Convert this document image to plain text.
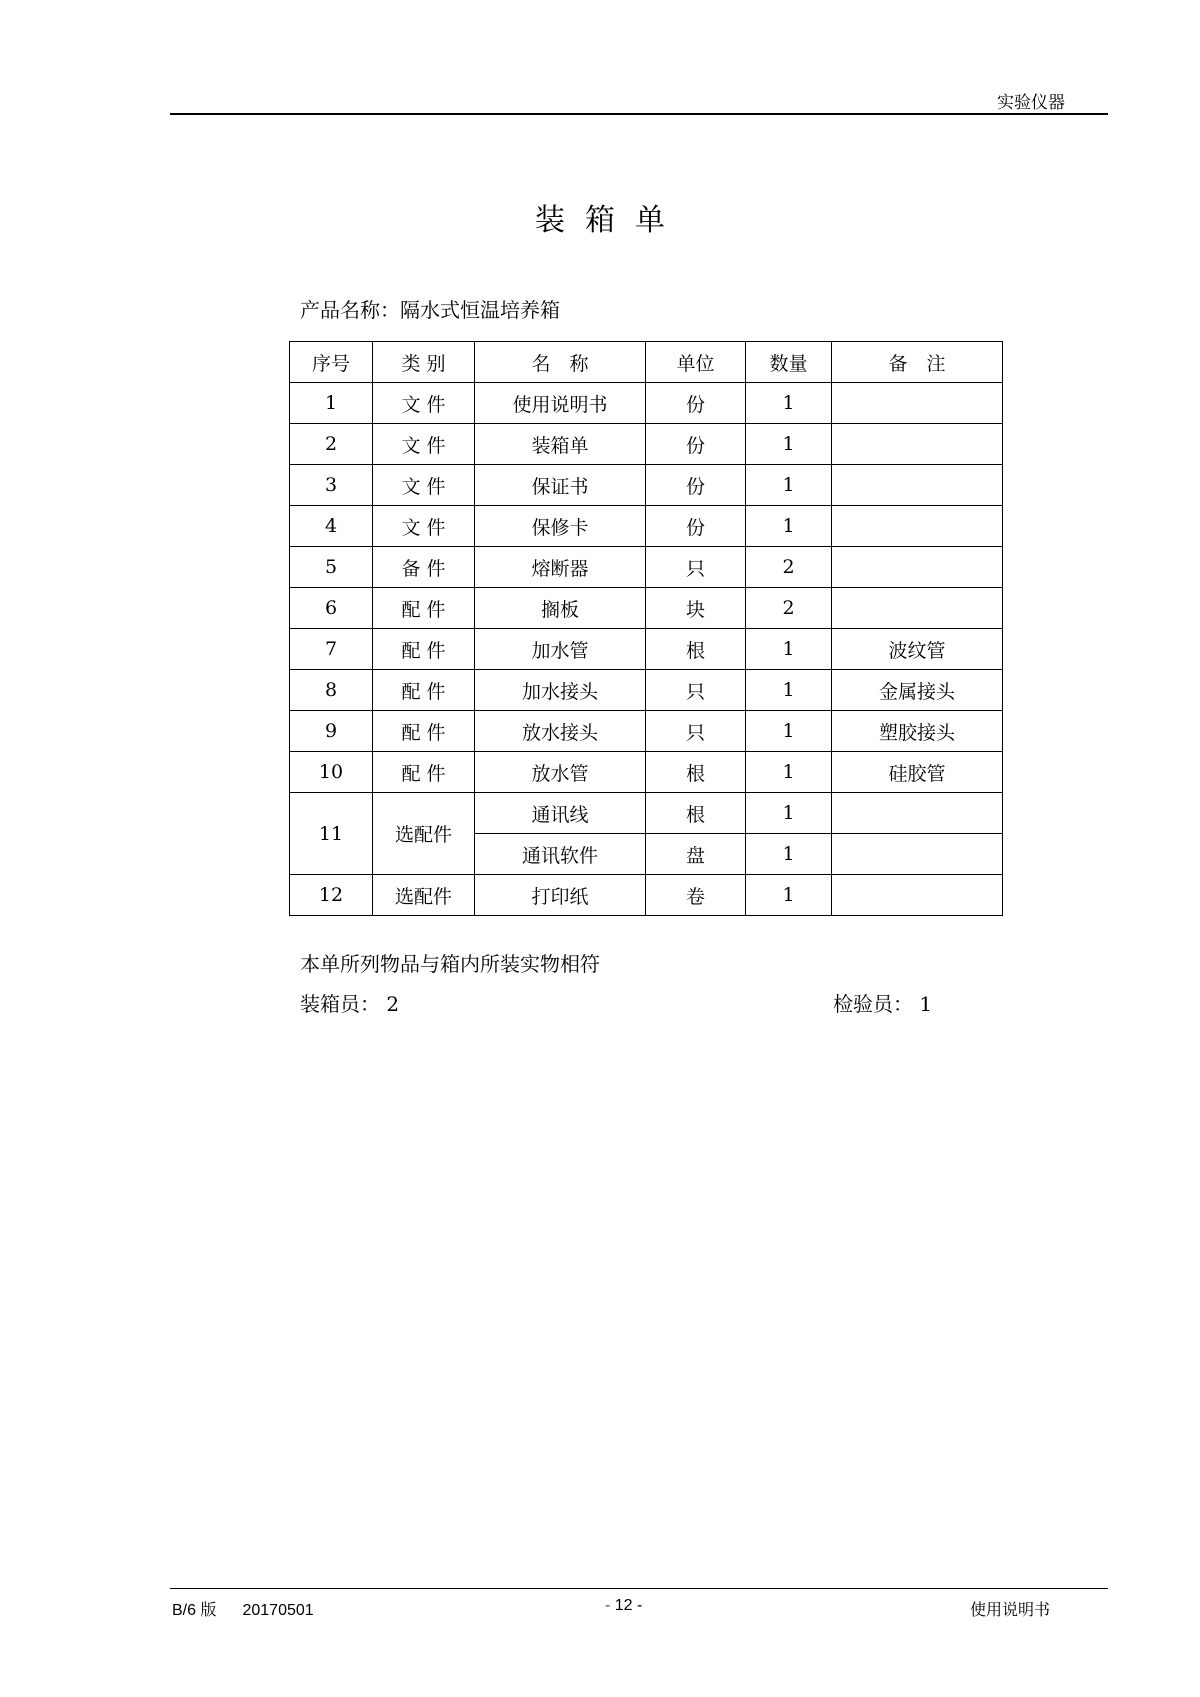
实验仪器
装箱单
产品名称：隔水式恒温培养箱
序号	类 别	名　称	单位	数量	备　注
1	文 件	使用说明书	份	1	
2	文 件	装箱单	份	1	
3	文 件	保证书	份	1	
4	文 件	保修卡	份	1	
5	备 件	熔断器	只	2	
6	配 件	搁板	块	2	
7	配 件	加水管	根	1	波纹管
8	配 件	加水接头	只	1	金属接头
9	配 件	放水接头	只	1	塑胶接头
10	配 件	放水管	根	1	硅胶管
11	选配件	通讯线	根	1	
		通讯软件	盘	1	
12	选配件	打印纸	卷	1	
本单所列物品与箱内所装实物相符
装箱员： 2	检验员： 1
B/6 版 20170501	- 12 -	使用说明书
